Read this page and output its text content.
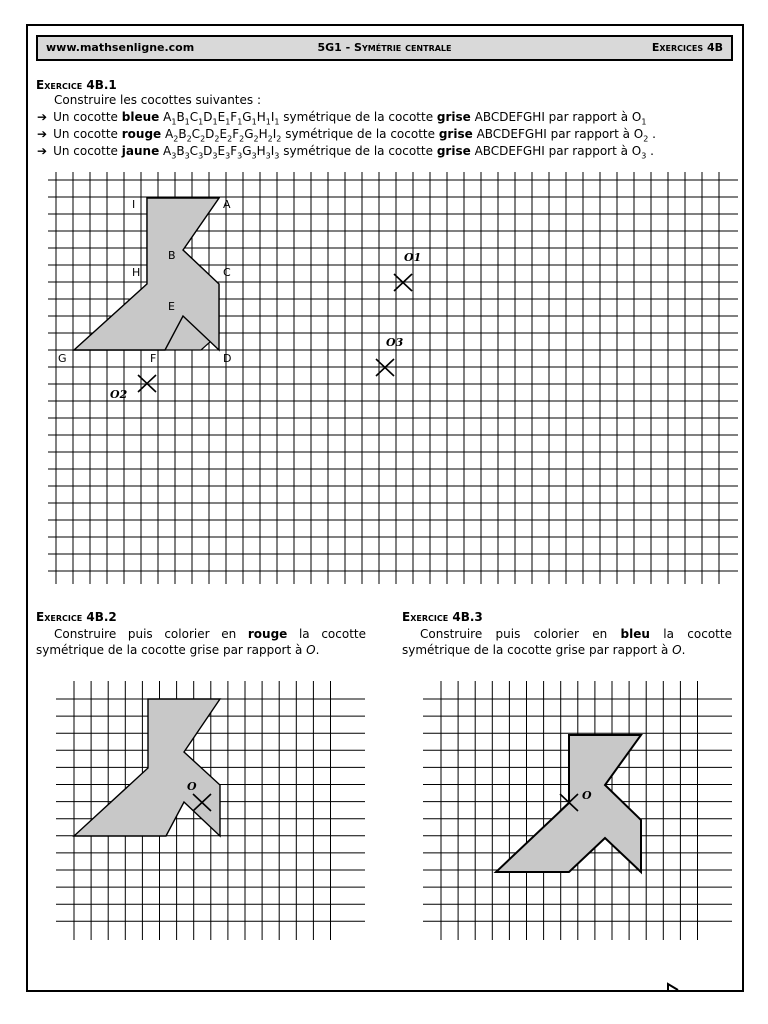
www.mathsenligne.com	5G1 - Symétrie centrale	Exercices 4B
Exercice 4B.1
Construire les cocottes suivantes :
➔ Un cocotte bleue $A_1B_1C_1D_1E_1F_1G_1H_1I_1$ symétrique de la cocotte grise ABCDEFGHI par rapport à $O_1$
➔ Un cocotte rouge $A_2B_2C_2D_2E_2F_2G_2H_2I_2$ symétrique de la cocotte grise ABCDEFGHI par rapport à $O_2$ .
➔ Un cocotte jaune $A_3B_3C_3D_3E_3F_3G_3H_3I_3$ symétrique de la cocotte grise ABCDEFGHI par rapport à $O_3$ .
Exercice 4B.2
Construire puis colorier en rouge la cocotte symétrique de la cocotte grise par rapport à O.
Exercice 4B.3
Construire puis colorier en bleu la cocotte symétrique de la cocotte grise par rapport à O.
A
B
C
D
E
F
G
H
I
O1
O2
O3
O
O
